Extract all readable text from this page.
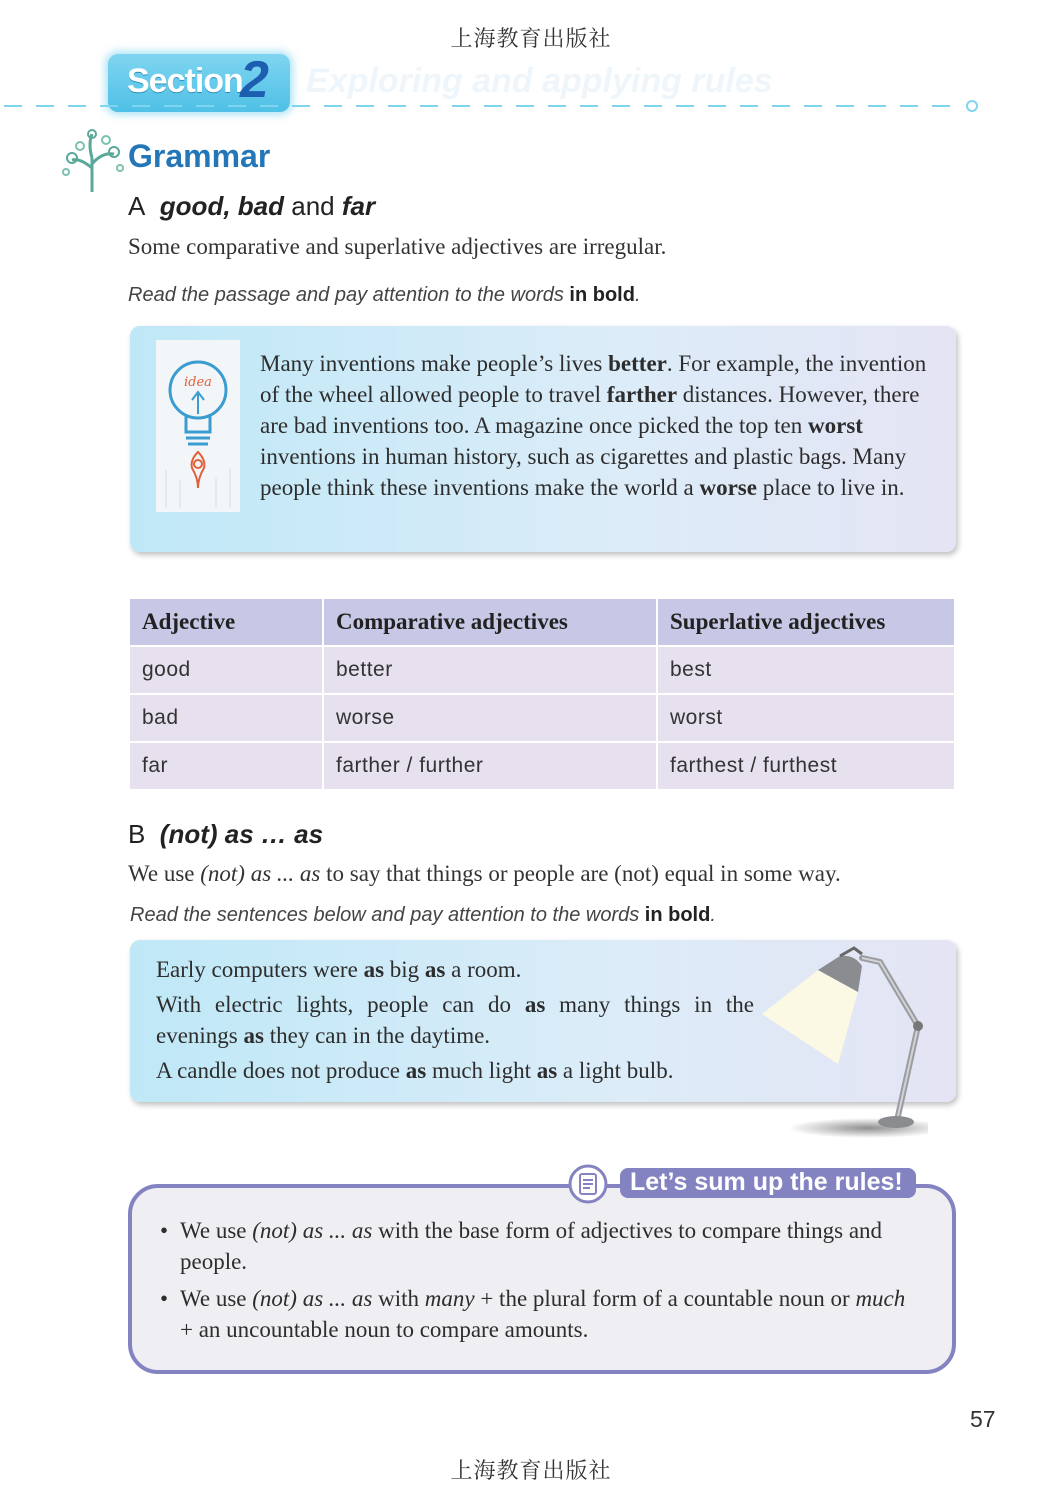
上海教育出版社
Section
2 Exploring and applying rules
Grammar
A good, bad and far
Some comparative and superlative adjectives are irregular.
Read the passage and pay attention to the words in bold.
idea
Many inventions make people’s lives better. For example, the invention of the wheel allowed people to travel farther distances. However, there are bad inventions too. A magazine once picked the top ten worst inventions in human history, such as cigarettes and plastic bags. Many people think these inventions make the world a worse place to live in.
Adjective	Comparative adjectives	Superlative adjectives
good	better	best
bad	worse	worst
far	farther / further	farthest / furthest
B (not) as … as
We use (not) as ... as to say that things or people are (not) equal in some way.
Read the sentences below and pay attention to the words in bold.
Early computers were as big as a room.
With electric lights, people can do as many things in the evenings as they can in the daytime.
A candle does not produce as much light as a light bulb.
Let’s sum up the rules!
• We use (not) as ... as with the base form of adjectives to compare things and people.
• We use (not) as ... as with many + the plural form of a countable noun or much + an uncountable noun to compare amounts.
57
上海教育出版社
